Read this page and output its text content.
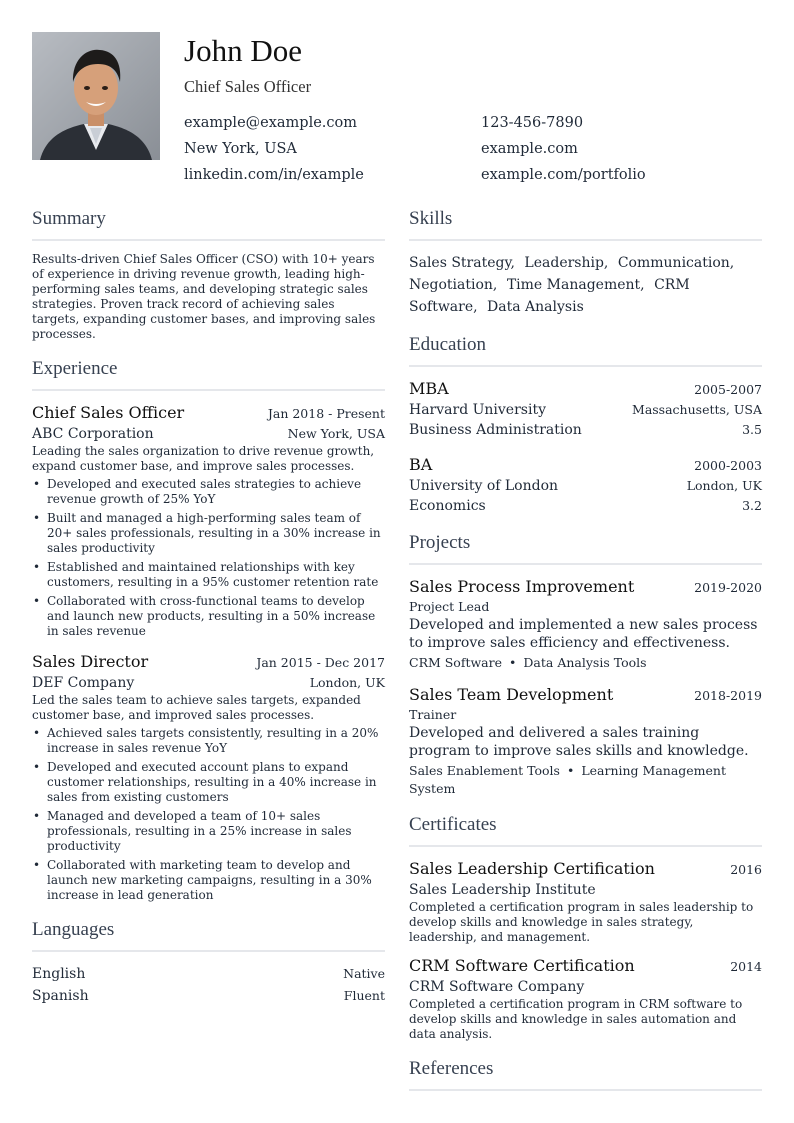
John Doe
Chief Sales Officer
example@example.com	123-456-7890
New York, USA	example.com
linkedin.com/in/example	example.com/portfolio
Summary
Results-driven Chief Sales Officer (CSO) with 10+ years of experience in driving revenue growth, leading high-performing sales teams, and developing strategic sales strategies. Proven track record of achieving sales targets, expanding customer bases, and improving sales processes.
Experience
Chief Sales Officer	Jan 2018 - Present
ABC Corporation	New York, USA
Leading the sales organization to drive revenue growth, expand customer base, and improve sales processes.
• Developed and executed sales strategies to achieve revenue growth of 25% YoY
• Built and managed a high-performing sales team of 20+ sales professionals, resulting in a 30% increase in sales productivity
• Established and maintained relationships with key customers, resulting in a 95% customer retention rate
• Collaborated with cross-functional teams to develop and launch new products, resulting in a 50% increase in sales revenue
Sales Director	Jan 2015 - Dec 2017
DEF Company	London, UK
Led the sales team to achieve sales targets, expanded customer base, and improved sales processes.
• Achieved sales targets consistently, resulting in a 20% increase in sales revenue YoY
• Developed and executed account plans to expand customer relationships, resulting in a 40% increase in sales from existing customers
• Managed and developed a team of 10+ sales professionals, resulting in a 25% increase in sales productivity
• Collaborated with marketing team to develop and launch new marketing campaigns, resulting in a 30% increase in lead generation
Languages
English	Native
Spanish	Fluent
Skills
Sales Strategy, Leadership, Communication, Negotiation, Time Management, CRM Software, Data Analysis
Education
MBA	2005-2007
Harvard University	Massachusetts, USA
Business Administration	3.5
BA	2000-2003
University of London	London, UK
Economics	3.2
Projects
Sales Process Improvement	2019-2020
Project Lead
Developed and implemented a new sales process to improve sales efficiency and effectiveness.
CRM Software • Data Analysis Tools
Sales Team Development	2018-2019
Trainer
Developed and delivered a sales training program to improve sales skills and knowledge.
Sales Enablement Tools • Learning Management System
Certificates
Sales Leadership Certification	2016
Sales Leadership Institute
Completed a certification program in sales leadership to develop skills and knowledge in sales strategy, leadership, and management.
CRM Software Certification	2014
CRM Software Company
Completed a certification program in CRM software to develop skills and knowledge in sales automation and data analysis.
References
